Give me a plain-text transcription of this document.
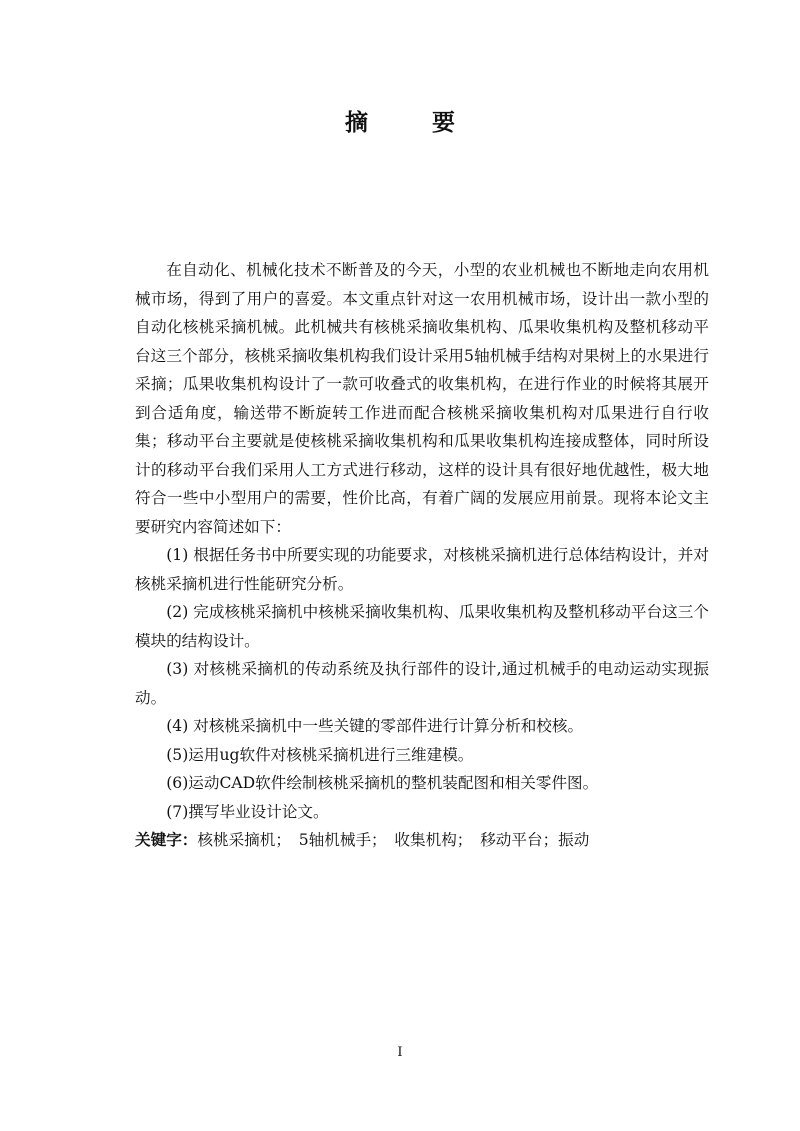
摘 要

在自动化、机械化技术不断普及的今天，小型的农业机械也不断地走向农用机械市场，得到了用户的喜爱。本文重点针对这一农用机械市场，设计出一款小型的自动化核桃采摘机械。此机械共有核桃采摘收集机构、瓜果收集机构及整机移动平台这三个部分，核桃采摘收集机构我们设计采用5轴机械手结构对果树上的水果进行采摘；瓜果收集机构设计了一款可收叠式的收集机构，在进行作业的时候将其展开到合适角度，输送带不断旋转工作进而配合核桃采摘收集机构对瓜果进行自行收集；移动平台主要就是使核桃采摘收集机构和瓜果收集机构连接成整体，同时所设计的移动平台我们采用人工方式进行移动，这样的设计具有很好地优越性，极大地符合一些中小型用户的需要，性价比高，有着广阔的发展应用前景。现将本论文主要研究内容简述如下：

(1) 根据任务书中所要实现的功能要求，对核桃采摘机进行总体结构设计，并对　核桃采摘机进行性能研究分析。

(2) 完成核桃采摘机中核桃采摘收集机构、瓜果收集机构及整机移动平台这三个模块的结构设计。

(3) 对核桃采摘机的传动系统及执行部件的设计,通过机械手的电动运动实现振动。

(4) 对核桃采摘机中一些关键的零部件进行计算分析和校核。

(5)运用ug软件对核桃采摘机进行三维建模。

(6)运动CAD软件绘制核桃采摘机的整机装配图和相关零件图。

(7)撰写毕业设计论文。

关键字：核桃采摘机；　5轴机械手；　收集机构；　移动平台；振动

I
